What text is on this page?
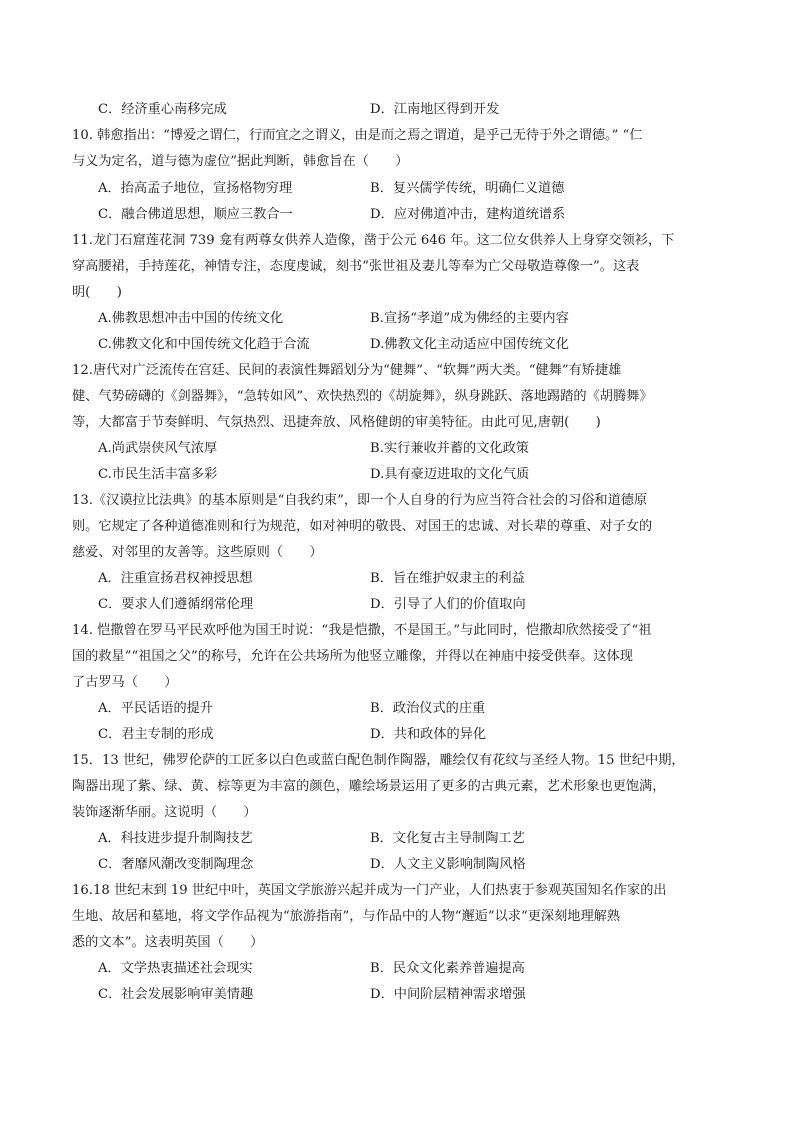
C．经济重心南移完成	D．江南地区得到开发
10. 韩愈指出：“博爱之谓仁，行而宜之之谓义，由是而之焉之谓道，是乎己无待于外之谓德。” “仁
与义为定名，道与德为虚位”据此判断，韩愈旨在（　　）
A．抬高孟子地位，宣扬格物穷理	B．复兴儒学传统，明确仁义道德
C．融合佛道思想，顺应三教合一	D．应对佛道冲击，建构道统谱系
11.龙门石窟莲花洞 739 龛有两尊女供养人造像，凿于公元 646 年。这二位女供养人上身穿交领衫，下
穿高腰裙，手持莲花，神情专注，态度虔诚，刻书“张世祖及妻儿等奉为亡父母敬造尊像一”。这表
明(　　)
A.佛教思想冲击中国的传统文化	B.宣扬“孝道”成为佛经的主要内容
C.佛教文化和中国传统文化趋于合流	D.佛教文化主动适应中国传统文化
12.唐代对广泛流传在宫廷、民间的表演性舞蹈划分为“健舞”、“软舞”两大类。“健舞”有矫捷雄
健、气势磅礴的《剑器舞》，“急转如风”、欢快热烈的《胡旋舞》，纵身跳跃、落地踢踏的《胡腾舞》
等，大都富于节奏鲜明、气氛热烈、迅捷奔放、风格健朗的审美特征。由此可见,唐朝(　　)
A.尚武崇侠风气浓厚	B.实行兼收并蓄的文化政策
C.市民生活丰富多彩	D.具有豪迈进取的文化气质
13.《汉谟拉比法典》的基本原则是“自我约束”，即一个人自身的行为应当符合社会的习俗和道德原
则。它规定了各种道德准则和行为规范，如对神明的敬畏、对国王的忠诚、对长辈的尊重、对子女的
慈爱、对邻里的友善等。这些原则（　　）
A．注重宣扬君权神授思想	B．旨在维护奴隶主的利益
C．要求人们遵循纲常伦理	D．引导了人们的价值取向
14. 恺撒曾在罗马平民欢呼他为国王时说：“我是恺撒，不是国王。”与此同时，恺撒却欣然接受了“祖
国的救星”“祖国之父”的称号，允许在公共场所为他竖立雕像，并得以在神庙中接受供奉。这体现
了古罗马（　　）
A．平民话语的提升	B．政治仪式的庄重
C．君主专制的形成	D．共和政体的异化
15．13 世纪，佛罗伦萨的工匠多以白色或蓝白配色制作陶器，雕绘仅有花纹与圣经人物。15 世纪中期，
陶器出现了紫、绿、黄、棕等更为丰富的颜色，雕绘场景运用了更多的古典元素，艺术形象也更饱满，
装饰逐渐华丽。这说明（　　）
A．科技进步提升制陶技艺	B．文化复古主导制陶工艺
C．奢靡风潮改变制陶理念	D．人文主义影响制陶风格
16.18 世纪末到 19 世纪中叶，英国文学旅游兴起并成为一门产业，人们热衷于参观英国知名作家的出
生地、故居和墓地，将文学作品视为“旅游指南”，与作品中的人物“邂逅”以求“更深刻地理解熟
悉的文本”。这表明英国（　　）
A．文学热衷描述社会现实	B．民众文化素养普遍提高
C．社会发展影响审美情趣	D．中间阶层精神需求增强
